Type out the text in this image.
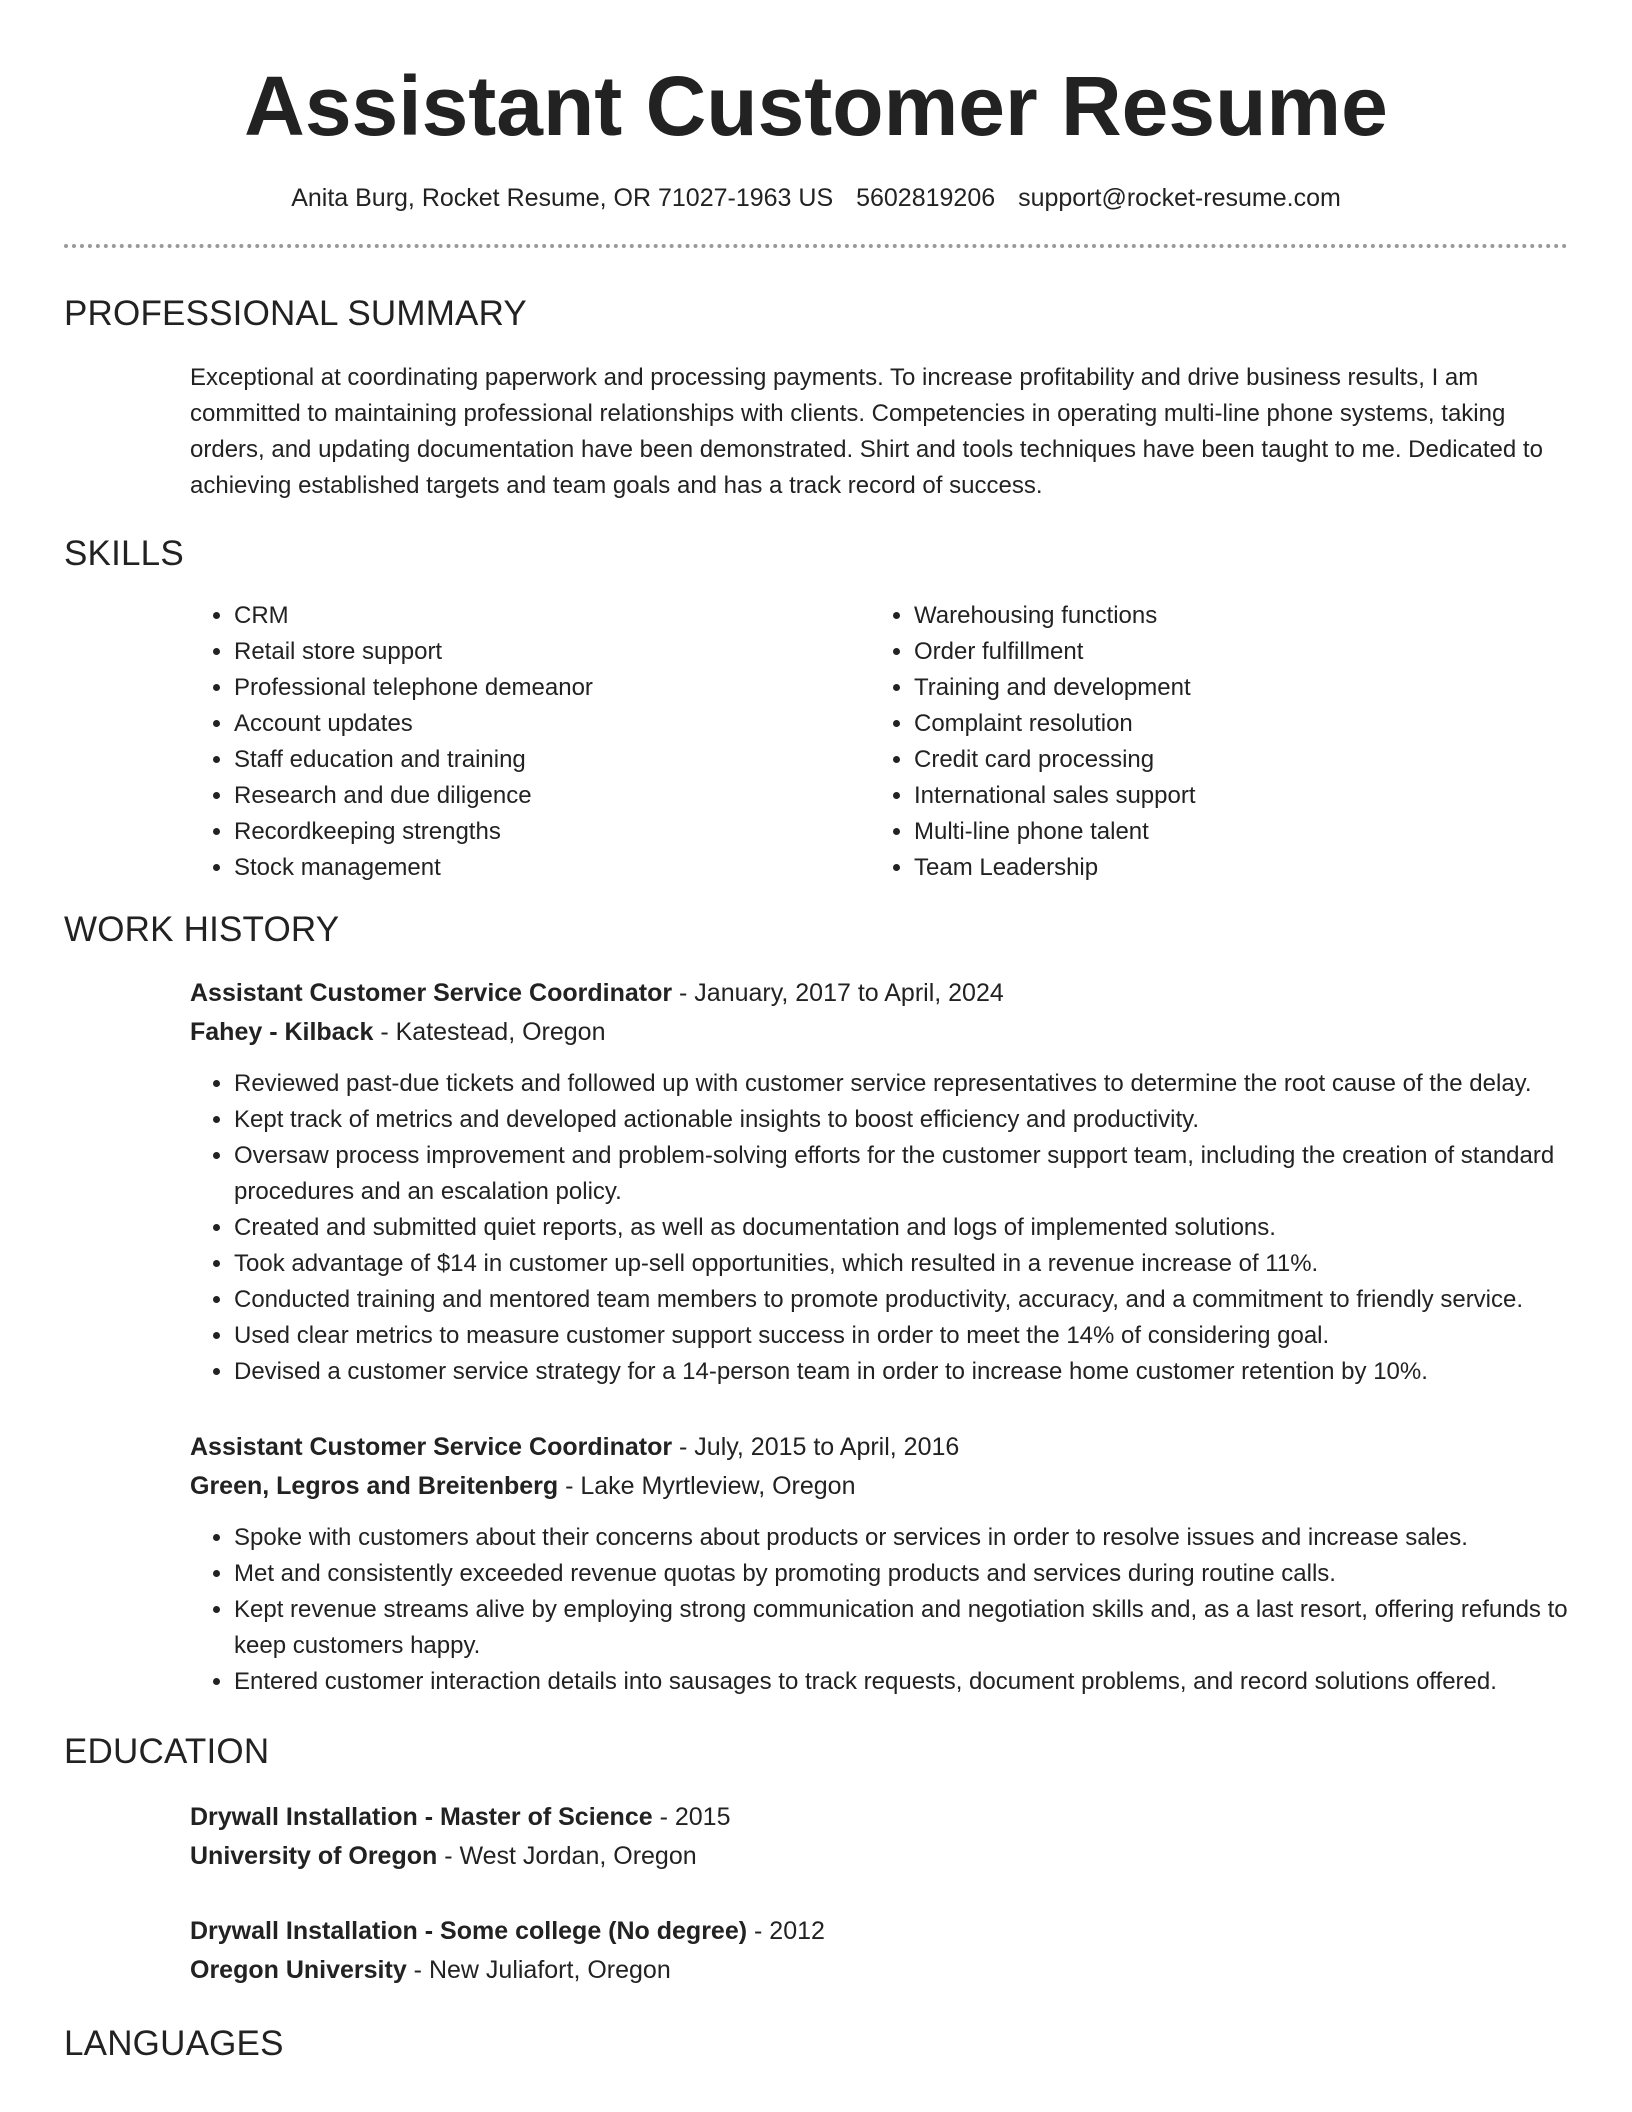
Assistant Customer Resume
Anita Burg, Rocket Resume, OR 71027-1963 US 5602819206 support@rocket-resume.com
PROFESSIONAL SUMMARY

Exceptional at coordinating paperwork and processing payments. To increase profitability and drive business results, I am committed to maintaining professional relationships with clients. Competencies in operating multi-line phone systems, taking orders, and updating documentation have been demonstrated. Shirt and tools techniques have been taught to me. Dedicated to achieving established targets and team goals and has a track record of success.

SKILLS
• CRM
• Retail store support
• Professional telephone demeanor
• Account updates
• Staff education and training
• Research and due diligence
• Recordkeeping strengths
• Stock management
• Warehousing functions
• Order fulfillment
• Training and development
• Complaint resolution
• Credit card processing
• International sales support
• Multi-line phone talent
• Team Leadership
WORK HISTORY
Assistant Customer Service Coordinator - January, 2017 to April, 2024
Fahey - Kilback - Katestead, Oregon
• Reviewed past-due tickets and followed up with customer service representatives to determine the root cause of the delay.
• Kept track of metrics and developed actionable insights to boost efficiency and productivity.
• Oversaw process improvement and problem-solving efforts for the customer support team, including the creation of standard procedures and an escalation policy.
• Created and submitted quiet reports, as well as documentation and logs of implemented solutions.
• Took advantage of $14 in customer up-sell opportunities, which resulted in a revenue increase of 11%.
• Conducted training and mentored team members to promote productivity, accuracy, and a commitment to friendly service.
• Used clear metrics to measure customer support success in order to meet the 14% of considering goal.
• Devised a customer service strategy for a 14-person team in order to increase home customer retention by 10%.
Assistant Customer Service Coordinator - July, 2015 to April, 2016
Green, Legros and Breitenberg - Lake Myrtleview, Oregon
• Spoke with customers about their concerns about products or services in order to resolve issues and increase sales.
• Met and consistently exceeded revenue quotas by promoting products and services during routine calls.
• Kept revenue streams alive by employing strong communication and negotiation skills and, as a last resort, offering refunds to keep customers happy.
• Entered customer interaction details into sausages to track requests, document problems, and record solutions offered.
EDUCATION
Drywall Installation - Master of Science - 2015
University of Oregon - West Jordan, Oregon
Drywall Installation - Some college (No degree) - 2012
Oregon University - New Juliafort, Oregon
LANGUAGES
